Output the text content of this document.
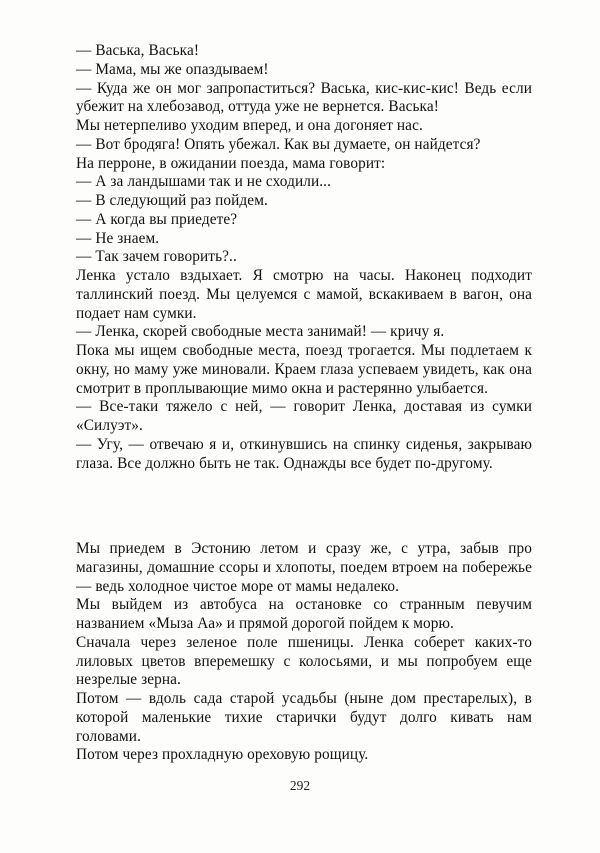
— Васька, Васька!

— Мама, мы же опаздываем!

— Куда же он мог запропаститься? Васька, кис-кис-кис! Ведь если убежит на хлебозавод, оттуда уже не вернется. Васька!

Мы нетерпеливо уходим вперед, и она догоняет нас.

— Вот бродяга! Опять убежал. Как вы думаете, он найдется?

На перроне, в ожидании поезда, мама говорит:

— А за ландышами так и не сходили...

— В следующий раз пойдем.

— А когда вы приедете?

— Не знаем.

— Так зачем говорить?..

Ленка устало вздыхает. Я смотрю на часы. Наконец подходит таллинский поезд. Мы целуемся с мамой, вскакиваем в вагон, она подает нам сумки.

— Ленка, скорей свободные места занимай! — кричу я.

Пока мы ищем свободные места, поезд трогается. Мы подлетаем к окну, но маму уже миновали. Краем глаза успеваем увидеть, как она смотрит в проплывающие мимо окна и растерянно улыбается.

— Все-таки тяжело с ней, — говорит Ленка, доставая из сумки «Силуэт».

— Угу, — отвечаю я и, откинувшись на спинку сиденья, закрываю глаза. Все должно быть не так. Однажды все будет по-другому.

Мы приедем в Эстонию летом и сразу же, с утра, забыв про магазины, домашние ссоры и хлопоты, поедем втроем на побережье — ведь холодное чистое море от мамы недалеко.

Мы выйдем из автобуса на остановке со странным певучим названием «Мыза Аа» и прямой дорогой пойдем к морю.

Сначала через зеленое поле пшеницы. Ленка соберет каких-то лиловых цветов вперемешку с колосьями, и мы попробуем еще незрелые зерна.

Потом — вдоль сада старой усадьбы (ныне дом престарелых), в которой маленькие тихие старички будут долго кивать нам головами.

Потом через прохладную ореховую рощицу.

292
